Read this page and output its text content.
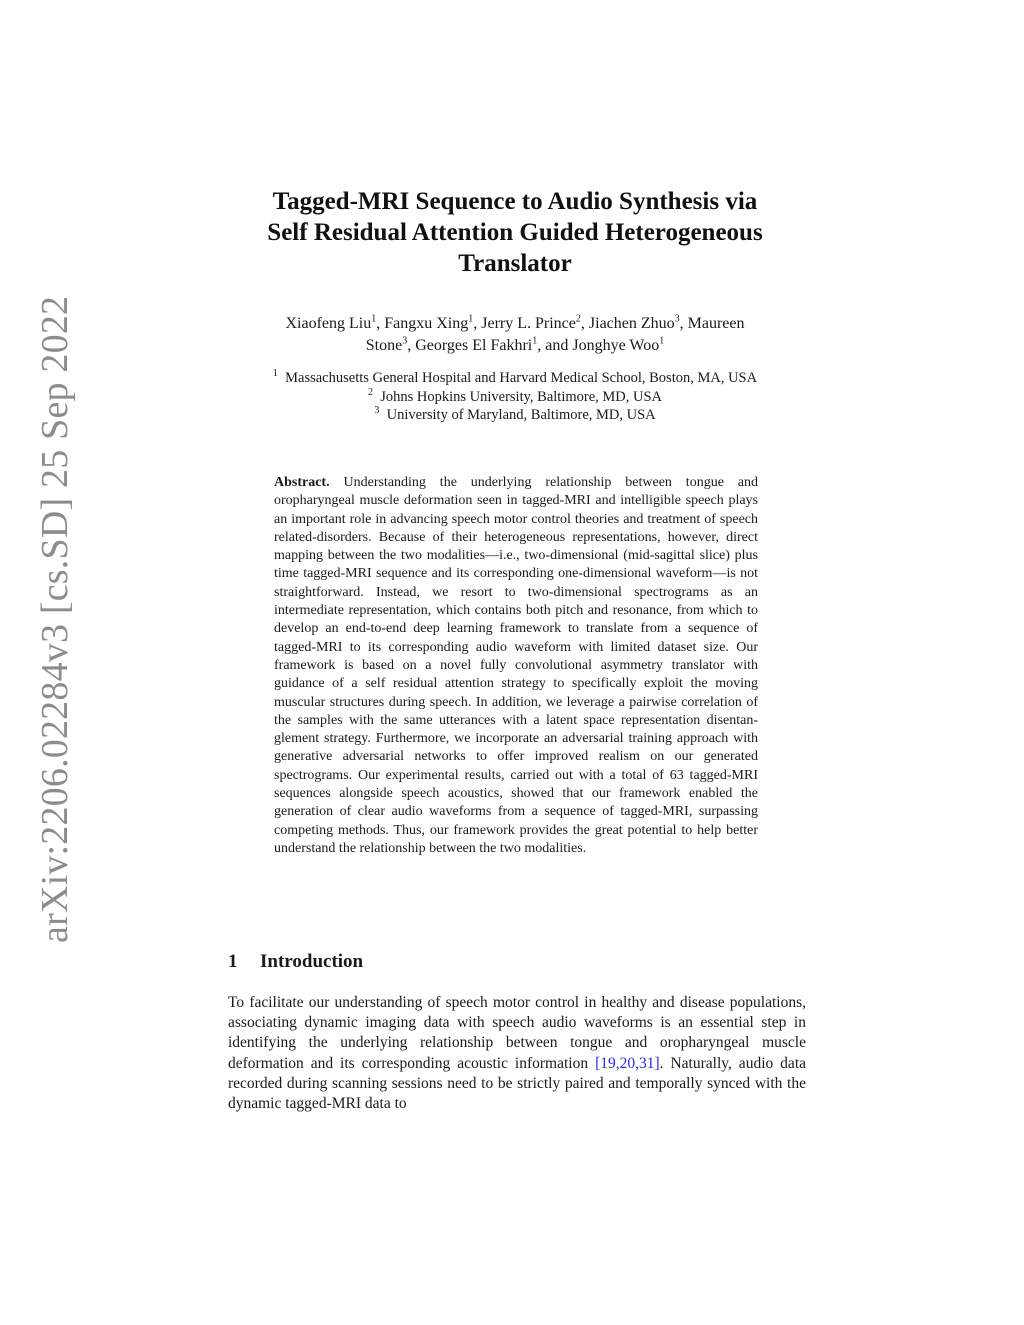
arXiv:2206.02284v3 [cs.SD] 25 Sep 2022
Tagged-MRI Sequence to Audio Synthesis via
Self Residual Attention Guided Heterogeneous
Translator
Xiaofeng Liu$^1$, Fangxu Xing$^1$, Jerry L. Prince$^2$, Jiachen Zhuo$^3$, Maureen
Stone$^3$, Georges El Fakhri$^1$, and Jonghye Woo$^1$
$^1$ Massachusetts General Hospital and Harvard Medical School, Boston, MA, USA
$^2$ Johns Hopkins University, Baltimore, MD, USA
$^3$ University of Maryland, Baltimore, MD, USA
Abstract. Understanding the underlying relationship between tongue and oropharyngeal muscle deformation seen in tagged-MRI and intelligible speech plays an important role in advancing speech motor control theories and treatment of speech related-disorders. Because of their heterogeneous representations, however, direct mapping between the two modalities—i.e., two-dimensional (mid-sagittal slice) plus time tagged-MRI sequence and its corresponding one-dimensional waveform—is not straightforward. Instead, we resort to two-dimensional spectrograms as an intermediate representation, which contains both pitch and resonance, from which to develop an end-to-end deep learning framework to translate from a sequence of tagged-MRI to its corresponding audio waveform with limited dataset size. Our framework is based on a novel fully convolutional asymmetry translator with guidance of a self residual attention strategy to specifically exploit the moving muscular structures during speech. In addition, we leverage a pairwise correlation of the samples with the same utterances with a latent space representation disentanglement strategy. Furthermore, we incorporate an adversarial training approach with generative adversarial networks to offer improved realism on our generated spectrograms. Our experimental results, carried out with a total of 63 tagged-MRI sequences alongside speech acoustics, showed that our framework enabled the generation of clear audio waveforms from a sequence of tagged-MRI, surpassing competing methods. Thus, our framework provides the great potential to help better understand the relationship between the two modalities.
1 Introduction
To facilitate our understanding of speech motor control in healthy and disease populations, associating dynamic imaging data with speech audio waveforms is an essential step in identifying the underlying relationship between tongue and oropharyngeal muscle deformation and its corresponding acoustic information [19,20,31]. Naturally, audio data recorded during scanning sessions need to be strictly paired and temporally synced with the dynamic tagged-MRI data to
